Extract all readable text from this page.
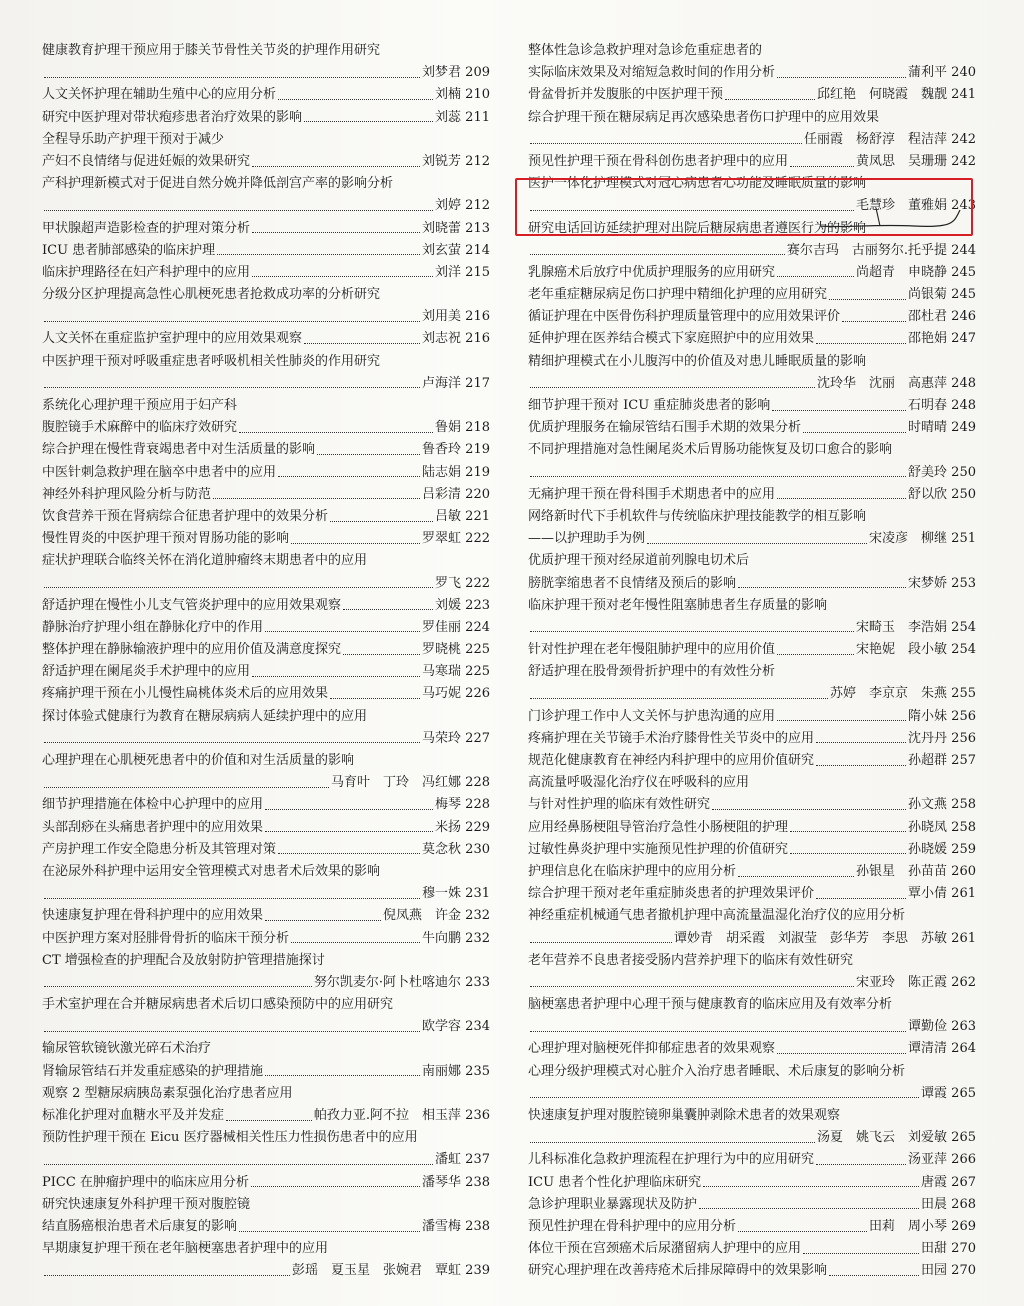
健康教育护理干预应用于膝关节骨性关节炎的护理作用研究
刘梦君 209
人文关怀护理在辅助生殖中心的应用分析	刘楠 210
研究中医护理对带状疱疹患者治疗效果的影响	刘蕊 211
全程导乐助产护理干预对于减少
产妇不良情绪与促进妊娠的效果研究	刘锐芳 212
产科护理新模式对于促进自然分娩并降低剖宫产率的影响分析
刘婷 212
甲状腺超声造影检查的护理对策分析	刘晓蕾 213
ICU 患者肺部感染的临床护理	刘玄萤 214
临床护理路径在妇产科护理中的应用	刘洋 215
分级分区护理提高急性心肌梗死患者抢救成功率的分析研究
刘用美 216
人文关怀在重症监护室护理中的应用效果观察	刘志祝 216
中医护理干预对呼吸重症患者呼吸机相关性肺炎的作用研究
卢海洋 217
系统化心理护理干预应用于妇产科
腹腔镜手术麻醉中的临床疗效研究	鲁娟 218
综合护理在慢性背衰竭患者中对生活质量的影响	鲁香玲 219
中医针刺急救护理在脑卒中患者中的应用	陆志娟 219
神经外科护理风险分析与防范	吕彩清 220
饮食营养干预在肾病综合征患者护理中的效果分析	吕敏 221
慢性胃炎的中医护理干预对胃肠功能的影响	罗翠虹 222
症状护理联合临终关怀在消化道肿瘤终末期患者中的应用
罗飞 222
舒适护理在慢性小儿支气管炎护理中的应用效果观察	刘媛 223
静脉治疗护理小组在静脉化疗中的作用	罗佳丽 224
整体护理在静脉输液护理中的应用价值及满意度探究	罗晓桃 225
舒适护理在阑尾炎手术护理中的应用	马寒瑞 225
疼痛护理干预在小儿慢性扁桃体炎术后的应用效果	马巧妮 226
探讨体验式健康行为教育在糖尿病病人延续护理中的应用
马荣玲 227
心理护理在心肌梗死患者中的价值和对生活质量的影响
马育叶　丁玲　冯红娜 228
细节护理措施在体检中心护理中的应用	梅琴 228
头部刮痧在头痛患者护理中的应用效果	米扬 229
产房护理工作安全隐患分析及其管理对策	莫念秋 230
在泌尿外科护理中运用安全管理模式对患者术后效果的影响
穆一姝 231
快速康复护理在骨科护理中的应用效果	倪凤燕　许金 232
中医护理方案对胫腓骨骨折的临床干预分析	牛向鹏 232
CT 增强检查的护理配合及放射防护管理措施探讨
努尔凯麦尔·阿卜杜喀迪尔 233
手术室护理在合并糖尿病患者术后切口感染预防中的应用研究
欧学容 234
输尿管软镜钬激光碎石术治疗
肾输尿管结石并发重症感染的护理措施	南丽娜 235
观察 2 型糖尿病胰岛素泵强化治疗患者应用
标准化护理对血糖水平及并发症	帕孜力亚.阿不拉　相玉萍 236
预防性护理干预在 Eicu 医疗器械相关性压力性损伤患者中的应用
潘虹 237
PICC 在肿瘤护理中的临床应用分析	潘琴华 238
研究快速康复外科护理干预对腹腔镜
结直肠癌根治患者术后康复的影响	潘雪梅 238
早期康复护理干预在老年脑梗塞患者护理中的应用
彭瑶　夏玉星　张婉君　覃虹 239
整体性急诊急救护理对急诊危重症患者的
实际临床效果及对缩短急救时间的作用分析	蒲利平 240
骨盆骨折并发腹胀的中医护理干预	邱红艳　何晓霞　魏靓 241
综合护理干预在糖尿病足再次感染患者伤口护理中的应用效果
任丽霞　杨舒淳　程洁萍 242
预见性护理干预在骨科创伤患者护理中的应用	黄凤思　吴珊珊 242
医护一体化护理模式对冠心病患者心功能及睡眠质量的影响
毛慧珍　董雅娟 243
研究电话回访延续护理对出院后糖尿病患者遵医行为的影响
赛尔吉玛　古丽努尔.托乎提 244
乳腺癌术后放疗中优质护理服务的应用研究	尚超青　申晓静 245
老年重症糖尿病足伤口护理中精细化护理的应用研究	尚银菊 245
循证护理在中医骨伤科护理质量管理中的应用效果评价	邵杜君 246
延伸护理在医养结合模式下家庭照护中的应用效果	邵艳娟 247
精细护理模式在小儿腹泻中的价值及对患儿睡眠质量的影响
沈玲华　沈丽　高惠萍 248
细节护理干预对 ICU 重症肺炎患者的影响	石明春 248
优质护理服务在输尿管结石围手术期的效果分析	时晴晴 249
不同护理措施对急性阑尾炎术后胃肠功能恢复及切口愈合的影响
舒美玲 250
无痛护理干预在骨科围手术期患者中的应用	舒以欣 250
网络新时代下手机软件与传统临床护理技能教学的相互影响
——以护理助手为例	宋凌彦　柳继 251
优质护理干预对经尿道前列腺电切术后
膀胱挛缩患者不良情绪及预后的影响	宋梦娇 253
临床护理干预对老年慢性阻塞肺患者生存质量的影响
宋畸玉　李浩娟 254
针对性护理在老年慢阻肺护理中的应用价值	宋艳妮　段小敏 254
舒适护理在股骨颈骨折护理中的有效性分析
苏婷　李京京　朱燕 255
门诊护理工作中人文关怀与护患沟通的应用	隋小妹 256
疼痛护理在关节镜手术治疗膝骨性关节炎中的应用	沈丹丹 256
规范化健康教育在神经内科护理中的应用价值研究	孙超群 257
高流量呼吸湿化治疗仪在呼吸科的应用
与针对性护理的临床有效性研究	孙文燕 258
应用经鼻肠梗阻导管治疗急性小肠梗阻的护理	孙晓凤 258
过敏性鼻炎护理中实施预见性护理的价值研究	孙晓媛 259
护理信息化在临床护理中的应用分析	孙银星　孙苗苗 260
综合护理干预对老年重症肺炎患者的护理效果评价	覃小倩 261
神经重症机械通气患者撤机护理中高流量温湿化治疗仪的应用分析
谭妙青　胡采霞　刘淑莹　彭华芳　李思　苏敏 261
老年营养不良患者接受肠内营养护理下的临床有效性研究
宋亚玲　陈正霞 262
脑梗塞患者护理中心理干预与健康教育的临床应用及有效率分析
谭勤俭 263
心理护理对脑梗死伴抑郁症患者的效果观察	谭清清 264
心理分级护理模式对心脏介入治疗患者睡眠、术后康复的影响分析
谭霞 265
快速康复护理对腹腔镜卵巢囊肿剥除术患者的效果观察
汤夏　姚飞云　刘爱敏 265
儿科标准化急救护理流程在护理行为中的应用研究	汤亚萍 266
ICU 患者个性化护理临床研究	唐霞 267
急诊护理职业暴露现状及防护	田晨 268
预见性护理在骨科护理中的应用分析	田莉　周小琴 269
体位干预在宫颈癌术后尿潴留病人护理中的应用	田甜 270
研究心理护理在改善痔疮术后排尿障碍中的效果影响	田园 270
